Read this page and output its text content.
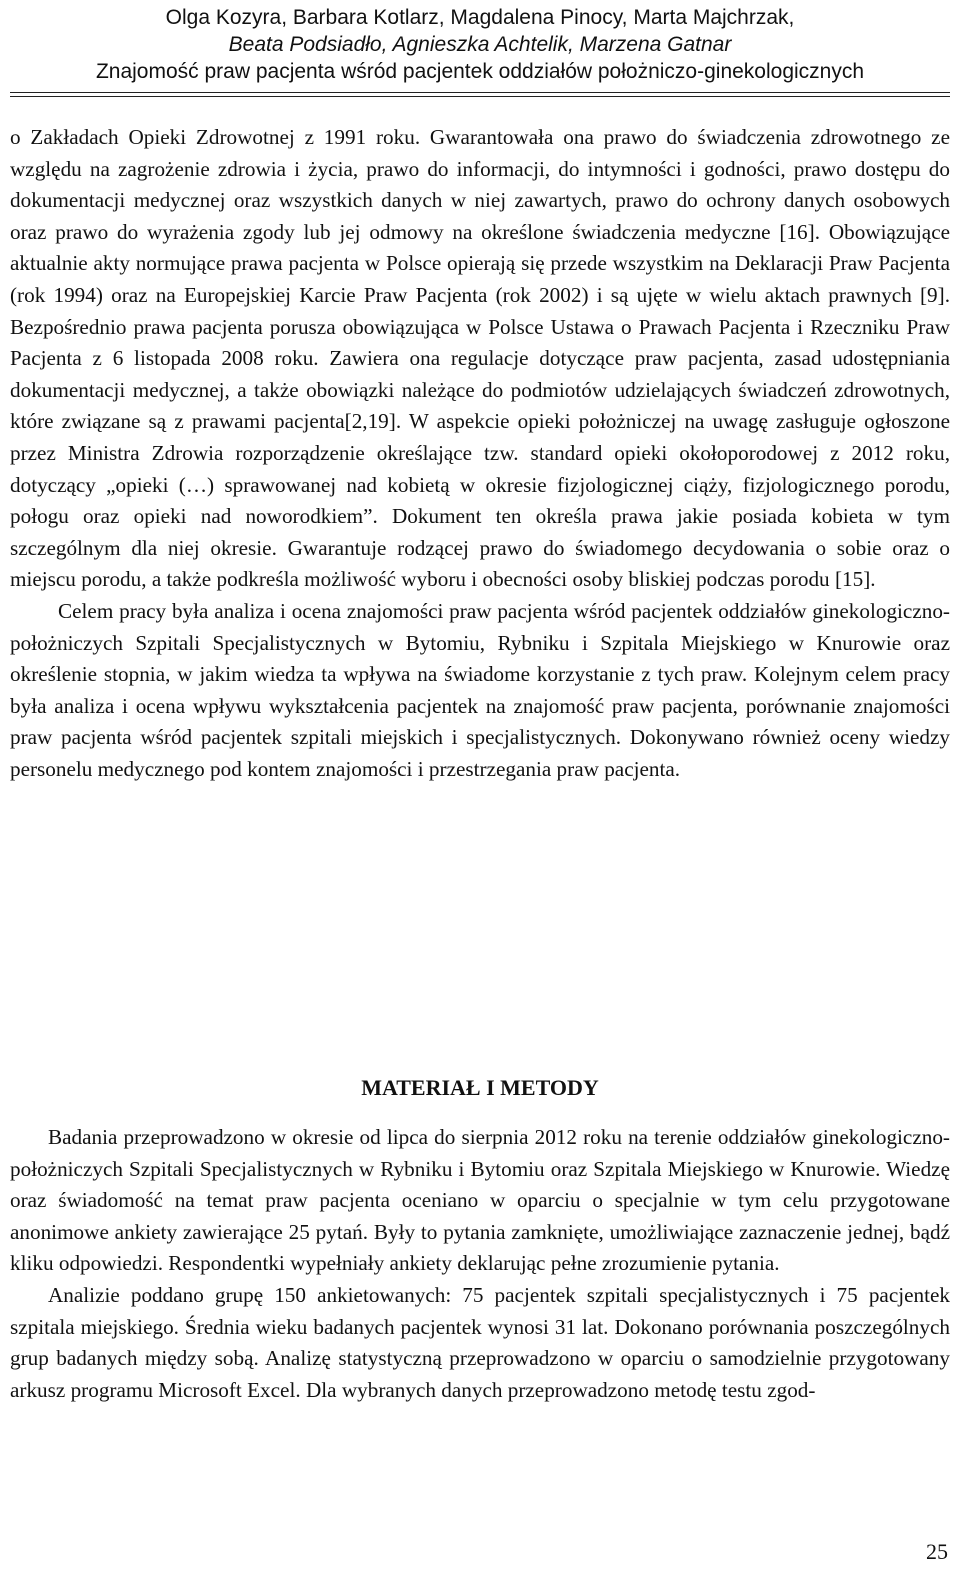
Olga Kozyra, Barbara Kotlarz, Magdalena Pinocy, Marta Majchrzak,
Beata Podsiadło, Agnieszka Achtelik, Marzena Gatnar
Znajomość praw pacjenta wśród pacjentek oddziałów położniczo-ginekologicznych

o Zakładach Opieki Zdrowotnej z 1991 roku. Gwarantowała ona prawo do świadczenia zdrowotnego ze względu na zagrożenie zdrowia i życia, prawo do informacji, do intymności i godności, prawo dostępu do dokumentacji medycznej oraz wszystkich danych w niej zawartych, prawo do ochrony danych osobowych oraz prawo do wyrażenia zgody lub jej odmowy na określone świadczenia medyczne [16]. Obowiązujące aktualnie akty normujące prawa pacjenta w Polsce opierają się przede wszystkim na Deklaracji Praw Pacjenta (rok 1994) oraz na Europejskiej Karcie Praw Pacjenta (rok 2002) i są ujęte w wielu aktach prawnych [9]. Bezpośrednio prawa pacjenta porusza obowiązująca w Polsce Ustawa o Prawach Pacjenta i Rzeczniku Praw Pacjenta z 6 listopada 2008 roku. Zawiera ona regulacje dotyczące praw pacjenta, zasad udostępniania dokumentacji medycznej, a także obowiązki należące do podmiotów udzielających świadczeń zdrowotnych, które związane są z prawami pacjenta[2,19]. W aspekcie opieki położniczej na uwagę zasługuje ogłoszone przez Ministra Zdrowia rozporządzenie określające tzw. standard opieki okołoporodowej z 2012 roku, dotyczący „opieki (…) sprawowanej nad kobietą w okresie fizjologicznej ciąży, fizjologicznego porodu, połogu oraz opieki nad noworodkiem”. Dokument ten określa prawa jakie posiada kobieta w tym szczególnym dla niej okresie. Gwarantuje rodzącej prawo do świadomego decydowania o sobie oraz o miejscu porodu, a także podkreśla możliwość wyboru i obecności osoby bliskiej podczas porodu [15].

Celem pracy była analiza i ocena znajomości praw pacjenta wśród pacjentek oddziałów ginekologiczno-położniczych Szpitali Specjalistycznych w Bytomiu, Rybniku i Szpitala Miejskiego w Knurowie oraz określenie stopnia, w jakim wiedza ta wpływa na świadome korzystanie z tych praw. Kolejnym celem pracy była analiza i ocena wpływu wykształcenia pacjentek na znajomość praw pacjenta, porównanie znajomości praw pacjenta wśród pacjentek szpitali miejskich i specjalistycznych. Dokonywano również oceny wiedzy personelu medycznego pod kontem znajomości i przestrzegania praw pacjenta.

MATERIAŁ I METODY

Badania przeprowadzono w okresie od lipca do sierpnia 2012 roku na terenie oddziałów ginekologiczno-położniczych Szpitali Specjalistycznych w Rybniku i Bytomiu oraz Szpitala Miejskiego w Knurowie. Wiedzę oraz świadomość na temat praw pacjenta oceniano w oparciu o specjalnie w tym celu przygotowane anonimowe ankiety zawierające 25 pytań. Były to pytania zamknięte, umożliwiające zaznaczenie jednej, bądź kliku odpowiedzi. Respondentki wypełniały ankiety deklarując pełne zrozumienie pytania.

Analizie poddano grupę 150 ankietowanych: 75 pacjentek szpitali specjalistycznych i 75 pacjentek szpitala miejskiego. Średnia wieku badanych pacjentek wynosi 31 lat. Dokonano porównania poszczególnych grup badanych między sobą. Analizę statystyczną przeprowadzono w oparciu o samodzielnie przygotowany arkusz programu Microsoft Excel. Dla wybranych danych przeprowadzono metodę testu zgod-

25
